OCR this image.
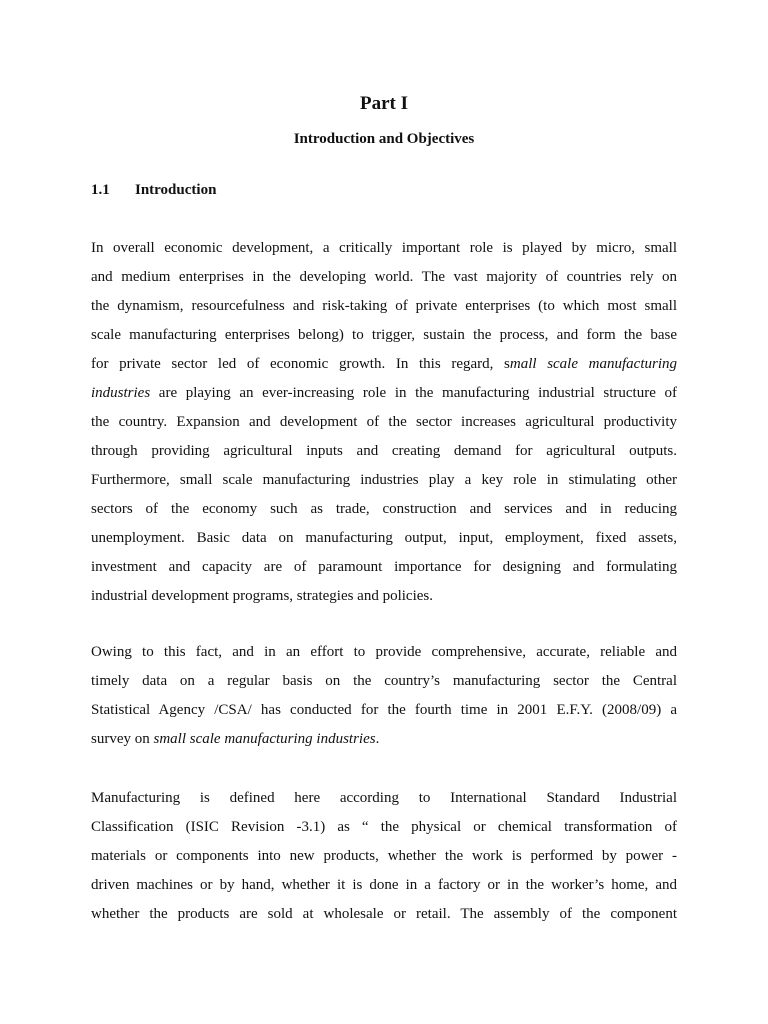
Part I
Introduction and Objectives
1.1 Introduction

In overall economic development, a critically important role is played by micro, small
and medium enterprises in the developing world. The vast majority of countries rely on
the dynamism, resourcefulness and risk-taking of private enterprises (to which most small
scale manufacturing enterprises belong) to trigger, sustain the process, and form the base
for private sector led of economic growth. In this regard, small scale manufacturing
industries are playing an ever-increasing role in the manufacturing industrial structure of
the country. Expansion and development of the sector increases agricultural productivity
through providing agricultural inputs and creating demand for agricultural outputs.
Furthermore, small scale manufacturing industries play a key role in stimulating other
sectors of the economy such as trade, construction and services and in reducing
unemployment. Basic data on manufacturing output, input, employment, fixed assets,
investment and capacity are of paramount importance for designing and formulating
industrial development programs, strategies and policies.

Owing to this fact, and in an effort to provide comprehensive, accurate, reliable and
timely data on a regular basis on the country’s manufacturing sector the Central
Statistical Agency /CSA/ has conducted for the fourth time in 2001 E.F.Y. (2008/09) a
survey on small scale manufacturing industries.

Manufacturing is defined here according to International Standard Industrial
Classification (ISIC Revision -3.1) as “ the physical or chemical transformation of
materials or components into new products, whether the work is performed by power -
driven machines or by hand, whether it is done in a factory or in the worker’s home, and
whether the products are sold at wholesale or retail. The assembly of the component
